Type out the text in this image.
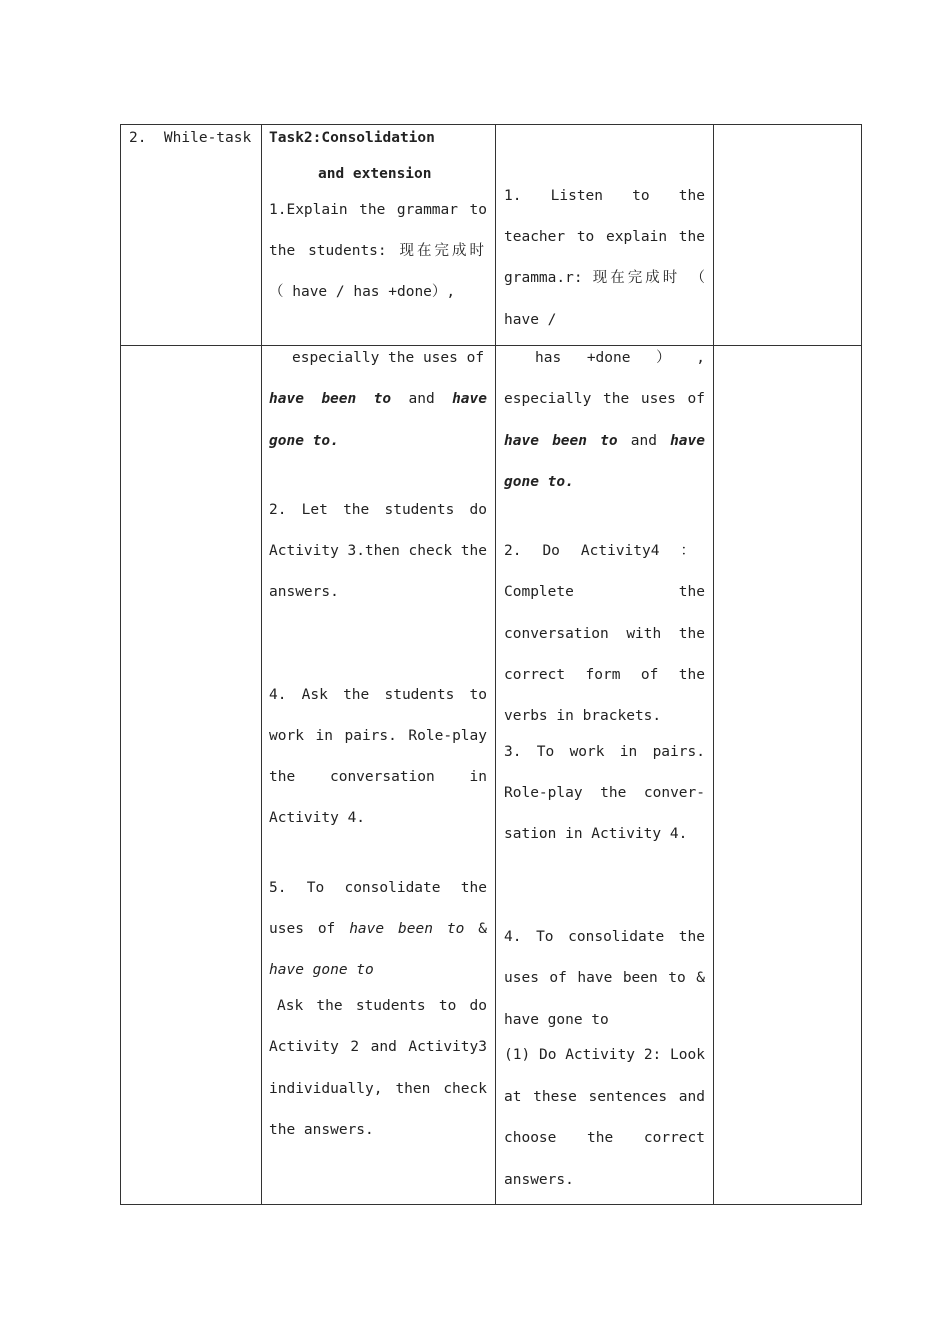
2.  While-task Task2:Consolidation
and extension
1.Explain the grammar to
the students: 现在完成时
（ have / has +done）,
1. Listen to the
teacher to explain the
gramma.r: 现在完成时 （
have /
especially the uses of
have been to and have
gone to.
2. Let the students do
Activity 3.then check the
answers.
4. Ask the students to
work in pairs. Role-play
the conversation in
Activity 4.
5. To consolidate the
uses of have been to &
have gone to
Ask the students to do
Activity 2 and Activity3
individually, then check
the answers.
has +done ） ,
especially the uses of
have been to and have
gone to.
2. Do Activity4 ：
Complete	the
conversation with the
correct form of the
verbs in brackets.
3. To work in pairs.
Role-play the conver-
sation in Activity 4.
4. To consolidate the
uses of have been to &
have gone to
(1) Do Activity 2: Look
at these sentences and
choose the correct
answers.
